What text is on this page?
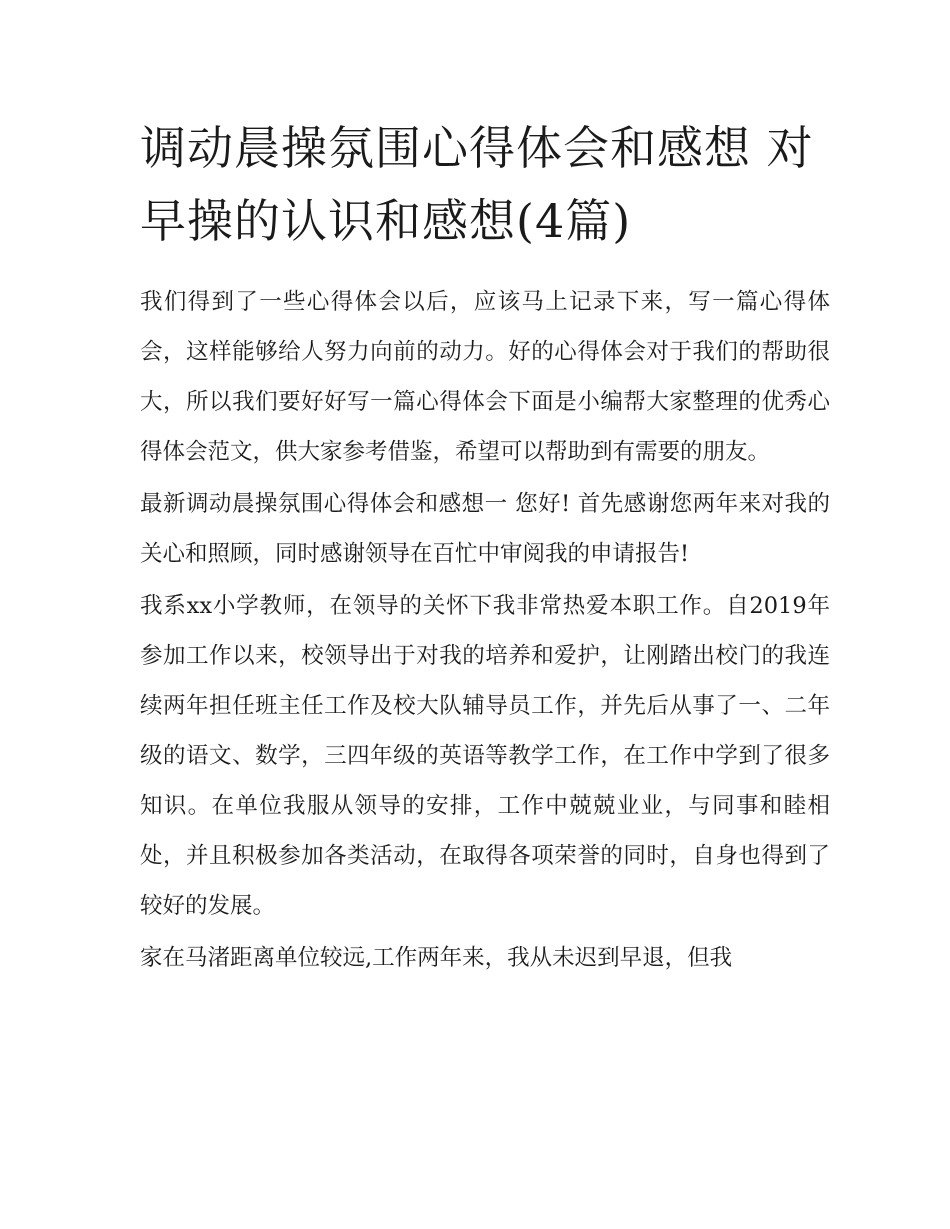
调动晨操氛围心得体会和感想 对早操的认识和感想(4篇)

我们得到了一些心得体会以后，应该马上记录下来，写一篇心得体会，这样能够给人努力向前的动力。好的心得体会对于我们的帮助很大，所以我们要好好写一篇心得体会下面是小编帮大家整理的优秀心得体会范文，供大家参考借鉴，希望可以帮助到有需要的朋友。

最新调动晨操氛围心得体会和感想一 您好! 首先感谢您两年来对我的关心和照顾，同时感谢领导在百忙中审阅我的申请报告!

我系xx小学教师，在领导的关怀下我非常热爱本职工作。自2019年参加工作以来，校领导出于对我的培养和爱护，让刚踏出校门的我连续两年担任班主任工作及校大队辅导员工作，并先后从事了一、二年级的语文、数学，三四年级的英语等教学工作，在工作中学到了很多知识。在单位我服从领导的安排，工作中兢兢业业，与同事和睦相处，并且积极参加各类活动，在取得各项荣誉的同时，自身也得到了较好的发展。

家在马渚距离单位较远,工作两年来，我从未迟到早退，但我
